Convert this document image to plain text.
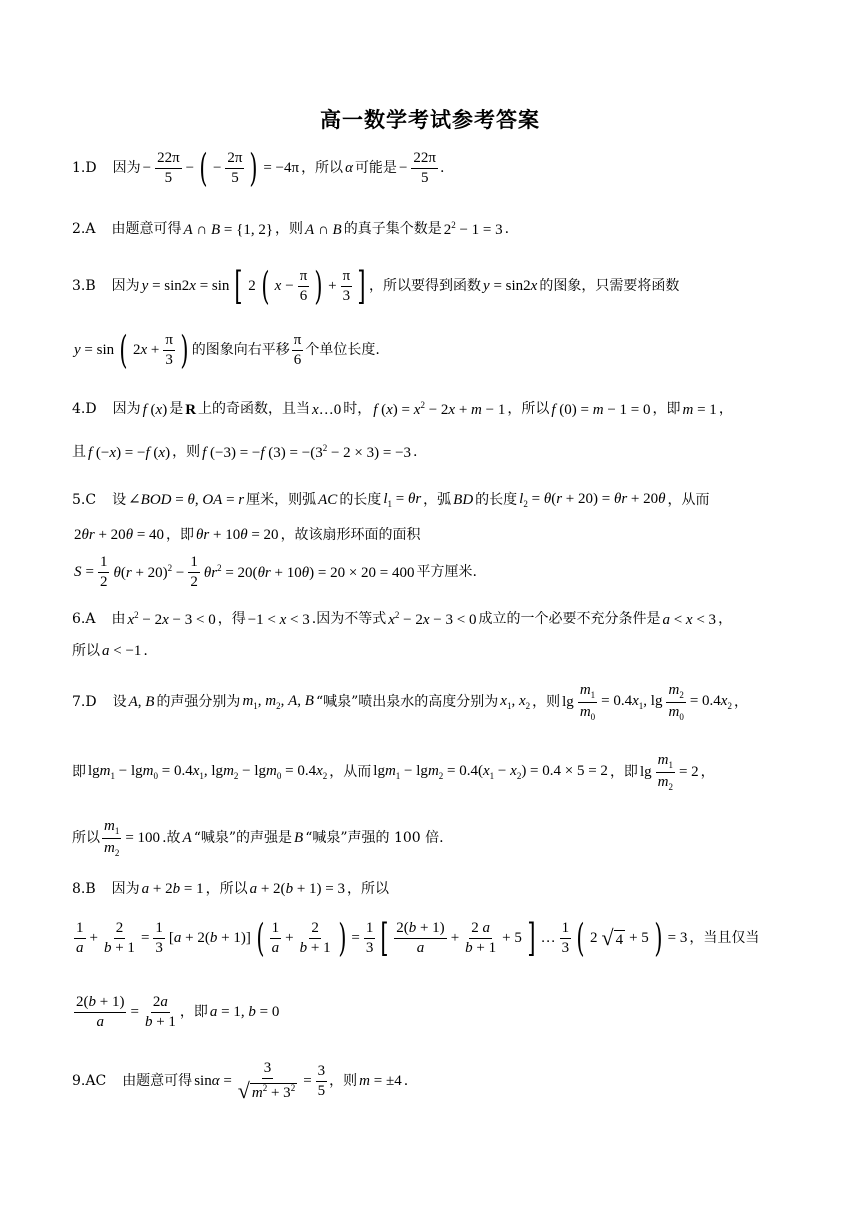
高一数学考试参考答案
1.D 因为 − $\frac{22\pi}{5}$ − ( − $\frac{2\pi}{5}$ ) = −4π ，所以 α 可能是 − $\frac{22\pi}{5}$ .
2.A 由题意可得 A ∩ B = {1, 2} ，则 A ∩ B 的真子集个数是 $2^2 - 1 = 3$ .
3.B 因为 y = sin2x = sin [ 2 ( $x - \frac{\pi}{6}$ ) + $\frac{\pi}{3}$ ] ，所以要得到函数 y = sin2x 的图象，只需要将函数
y = sin ( $2x + \frac{\pi}{3}$ ) 的图象向右平移 $\frac{\pi}{6}$ 个单位长度.
4.D 因为 f (x) 是 R 上的奇函数，且当 x…0 时， f $(x) = x^2 - 2x + m - 1$ ，所以 f (0) = m − 1 = 0 ，即 m = 1 ，
且 f (−x) = −f (x) ，则 f (−3) = −f $(3) = -(3^2 - 2 \times 3) = -3$ .
5.C 设 ∠BOD = θ, OA = r 厘米，则弧 AC 的长度 $l_1 = \theta r$ ，弧 BD 的长度 $l_2 = \theta(r + 20) = \theta r + 20\theta$ ，从而
2θr + 20θ = 40 ，即 θr + 10θ = 20 ，故该扇形环面的面积
$S = \frac{1}{2} \theta(r + 20)^2 - \frac{1}{2} \theta r^2 = 20(\theta r + 10\theta) = 20 \times 20 = 400$ 平方厘米.
6.A 由 $x^2 - 2x - 3 < 0$ ，得 −1 < x < 3 .因为不等式 $x^2 - 2x - 3 < 0$ 成立的一个必要不充分条件是 a < x < 3 ，
所以 a < −1 .
7.D 设 A, B 的声强分别为 $m_1$, $m_2$, A, B “喊泉”喷出泉水的高度分别为 $x_1$, $x_2$ ，则 $\lg \frac{m_1}{m_0} = 0.4x_1$, $\lg \frac{m_2}{m_0} = 0.4x_2$ ，
即 $\lg m_1 - \lg m_0 = 0.4x_1$, $\lg m_2 - \lg m_0 = 0.4x_2$ ，从而 $\lg m_1 - \lg m_2 = 0.4(x_1 - x_2) = 0.4 \times 5 = 2$ ，即 $\lg \frac{m_1}{m_2} = 2$ ，
所以 $\frac{m_1}{m_2} = 100$ .故 A “喊泉”的声强是 B “喊泉”声强的 100 倍.
8.B 因为 a + 2b = 1 ，所以 a + 2(b + 1) = 3 ，所以
$\frac{1}{a} + \frac{2}{b + 1} = \frac{1}{3} [a + 2(b + 1)]$ ( $\frac{1}{a} + \frac{2}{b + 1}$ ) = $\frac{1}{3}$ [ $\frac{2(b + 1)}{a} + \frac{2 a}{b + 1} + 5$ ] … $\frac{1}{3}$ ( 2 √ 4 + 5 ) = 3 ，当且仅当
$\frac{2(b + 1)}{a} = \frac{2a}{b + 1}$ ，即 a = 1, b = 0
9.AC 由题意可得 $\sin\alpha = \frac{3}{√ m^2 + 3^2} = \frac{3}{5}$ ，则 m = ±4 .
